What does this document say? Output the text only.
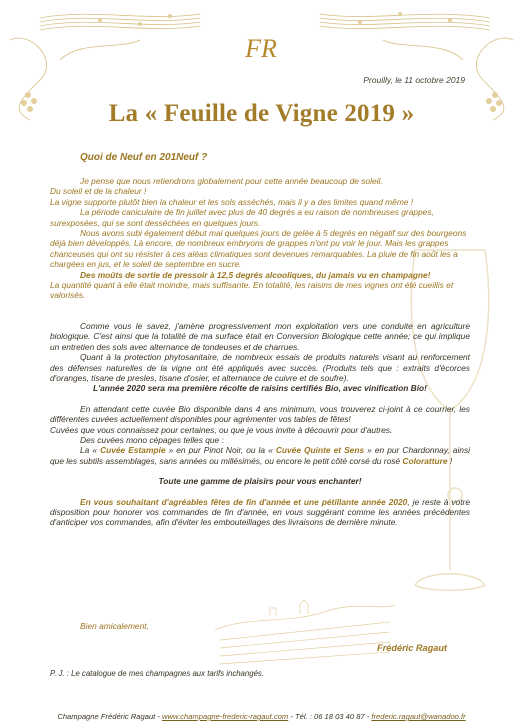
FR
Prouilly, le 11 octobre 2019
La « Feuille de Vigne 2019 »

Quoi de Neuf en 201Neuf ?

Je pense que nous retiendrons globalement pour cette année beaucoup de soleil.

Du soleil et de la chaleur !

La vigne supporte plutôt bien la chaleur et les sols asséchés, mais il y a des limites quand même !

La période caniculaire de fin juillet avec plus de 40 degrés a eu raison de nombreuses grappes, surexposées, qui se sont desséchées en quelques jours.

Nous avons subi également début mai quelques jours de gelée à 5 degrés en négatif sur des bourgeons déjà bien développés. Là encore, de nombreux embryons de grappes n'ont pu voir le jour. Mais les grappes chanceuses qui ont su résister à ces aléas climatiques sont devenues remarquables. La pluie de fin août les a chargées en jus, et le soleil de septembre en sucre.

Des moûts de sortie de pressoir à 12,5 degrés alcooliques, du jamais vu en champagne!

La quantité quant à elle était moindre, mais suffisante. En totalité, les raisins de mes vignes ont été cueillis et valorisés.

Comme vous le savez, j'amène progressivement mon exploitation vers une conduite en agriculture biologique. C'est ainsi que la totalité de ma surface était en Conversion Biologique cette année; ce qui implique un entretien des sols avec alternance de tondeuses et de charrues.

Quant à la protection phytosanitaire, de nombreux essais de produits naturels visant au renforcement des défenses naturelles de la vigne ont été appliqués avec succès. (Produits tels que : extraits d'écorces d'oranges, tisane de presles, tisane d'osier, et alternance de cuivre et de soufre).

L'année 2020 sera ma première récolte de raisins certifiés Bio, avec vinification Bio!

En attendant cette cuvée Bio disponible dans 4 ans minimum, vous trouverez ci-joint à ce courrier, les différentes cuvées actuellement disponibles pour agrémenter vos tables de fêtes!

Cuvées que vous connaissez pour certaines, ou que je vous invite à découvrir pour d'autres.

Des cuvées mono cépages telles que :

La « Cuvée Estampie » en pur Pinot Noir, ou la « Cuvée Quinte et Sens » en pur Chardonnay, ainsi que les subtils assemblages, sans années ou millésimés, ou encore le petit côté corsé du rosé Coloratture !

Toute une gamme de plaisirs pour vous enchanter!

En vous souhaitant d'agréables fêtes de fin d'année et une pétillante année 2020, je reste à votre disposition pour honorer vos commandes de fin d'année, en vous suggérant comme les années précédentes d'anticiper vos commandes, afin d'éviter les embouteillages des livraisons de dernière minute.

Bien amicalement,
Frédéric Ragaut
P. J. : Le catalogue de mes champagnes aux tarifs inchangés.
Champagne Frédéric Ragaut - www.champagne-frederic-ragaut.com - Tél. : 06 18 03 40 87 - frederic.ragaut@wanadoo.fr
